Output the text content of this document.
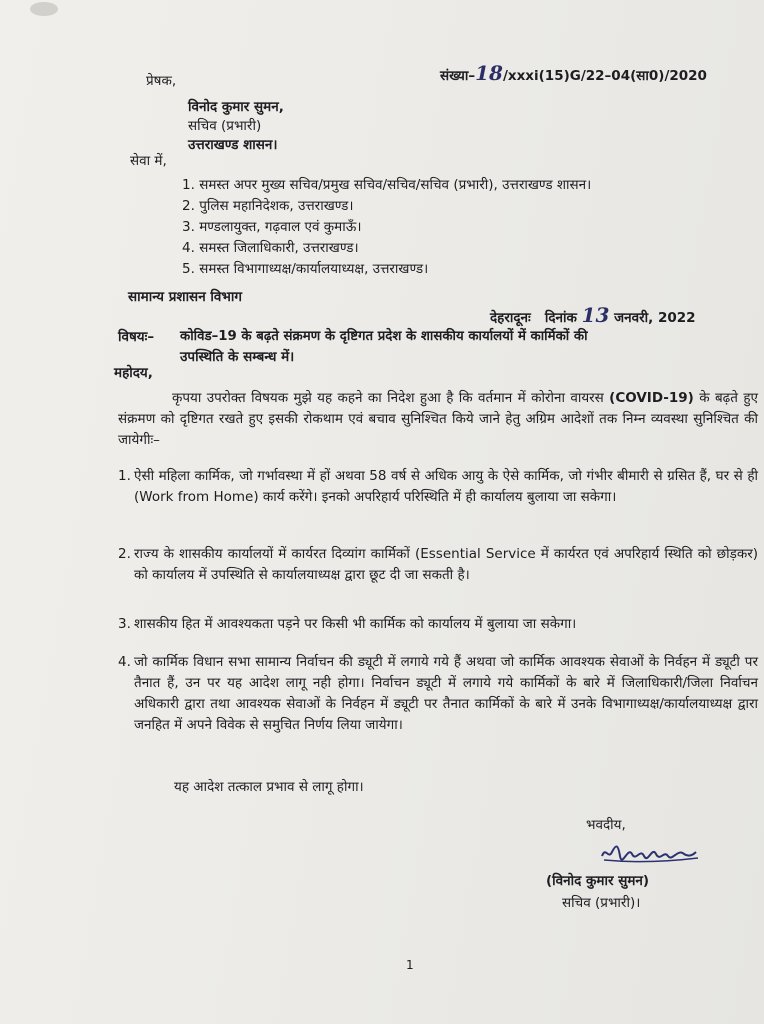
संख्या–18/xxxi(15)G/22–04(सा0)/2020
प्रेषक,
विनोद कुमार सुमन,
सचिव (प्रभारी)
उत्तराखण्ड शासन।
सेवा में,
1. समस्त अपर मुख्य सचिव/प्रमुख सचिव/सचिव/सचिव (प्रभारी), उत्तराखण्ड शासन।
2. पुलिस महानिदेशक, उत्तराखण्ड।
3. मण्डलायुक्त, गढ़वाल एवं कुमाऊँ।
4. समस्त जिलाधिकारी, उत्तराखण्ड।
5. समस्त विभागाध्यक्ष/कार्यालयाध्यक्ष, उत्तराखण्ड।
सामान्य प्रशासन विभाग
देहरादूनः दिनांक 13 जनवरी, 2022
विषयः– कोविड–19 के बढ़ते संक्रमण के दृष्टिगत प्रदेश के शासकीय कार्यालयों में कार्मिकों की
उपस्थिति के सम्बन्ध में।
महोदय,
कृपया उपरोक्त विषयक मुझे यह कहने का निदेश हुआ है कि वर्तमान में कोरोना वायरस (COVID-19) के बढ़ते हुए संक्रमण को दृष्टिगत रखते हुए इसकी रोकथाम एवं बचाव सुनिश्चित किये जाने हेतु अग्रिम आदेशों तक निम्न व्यवस्था सुनिश्चित की जायेगीः–
1. ऐसी महिला कार्मिक, जो गर्भावस्था में हों अथवा 58 वर्ष से अधिक आयु के ऐसे कार्मिक, जो गंभीर बीमारी से ग्रसित हैं, घर से ही (Work from Home) कार्य करेंगे। इनको अपरिहार्य परिस्थिति में ही कार्यालय बुलाया जा सकेगा।
2. राज्य के शासकीय कार्यालयों में कार्यरत दिव्यांग कार्मिकों (Essential Service में कार्यरत एवं अपरिहार्य स्थिति को छोड़कर) को कार्यालय में उपस्थिति से कार्यालयाध्यक्ष द्वारा छूट दी जा सकती है।
3. शासकीय हित में आवश्यकता पड़ने पर किसी भी कार्मिक को कार्यालय में बुलाया जा सकेगा।
4. जो कार्मिक विधान सभा सामान्य निर्वाचन की ड्यूटी में लगाये गये हैं अथवा जो कार्मिक आवश्यक सेवाओं के निर्वहन में ड्यूटी पर तैनात हैं, उन पर यह आदेश लागू नही होगा। निर्वाचन ड्यूटी में लगाये गये कार्मिकों के बारे में जिलाधिकारी/जिला निर्वाचन अधिकारी द्वारा तथा आवश्यक सेवाओं के निर्वहन में ड्यूटी पर तैनात कार्मिकों के बारे में उनके विभागाध्यक्ष/कार्यालयाध्यक्ष द्वारा जनहित में अपने विवेक से समुचित निर्णय लिया जायेगा।
यह आदेश तत्काल प्रभाव से लागू होगा।
भवदीय,
(विनोद कुमार सुमन)
सचिव (प्रभारी)।
1
